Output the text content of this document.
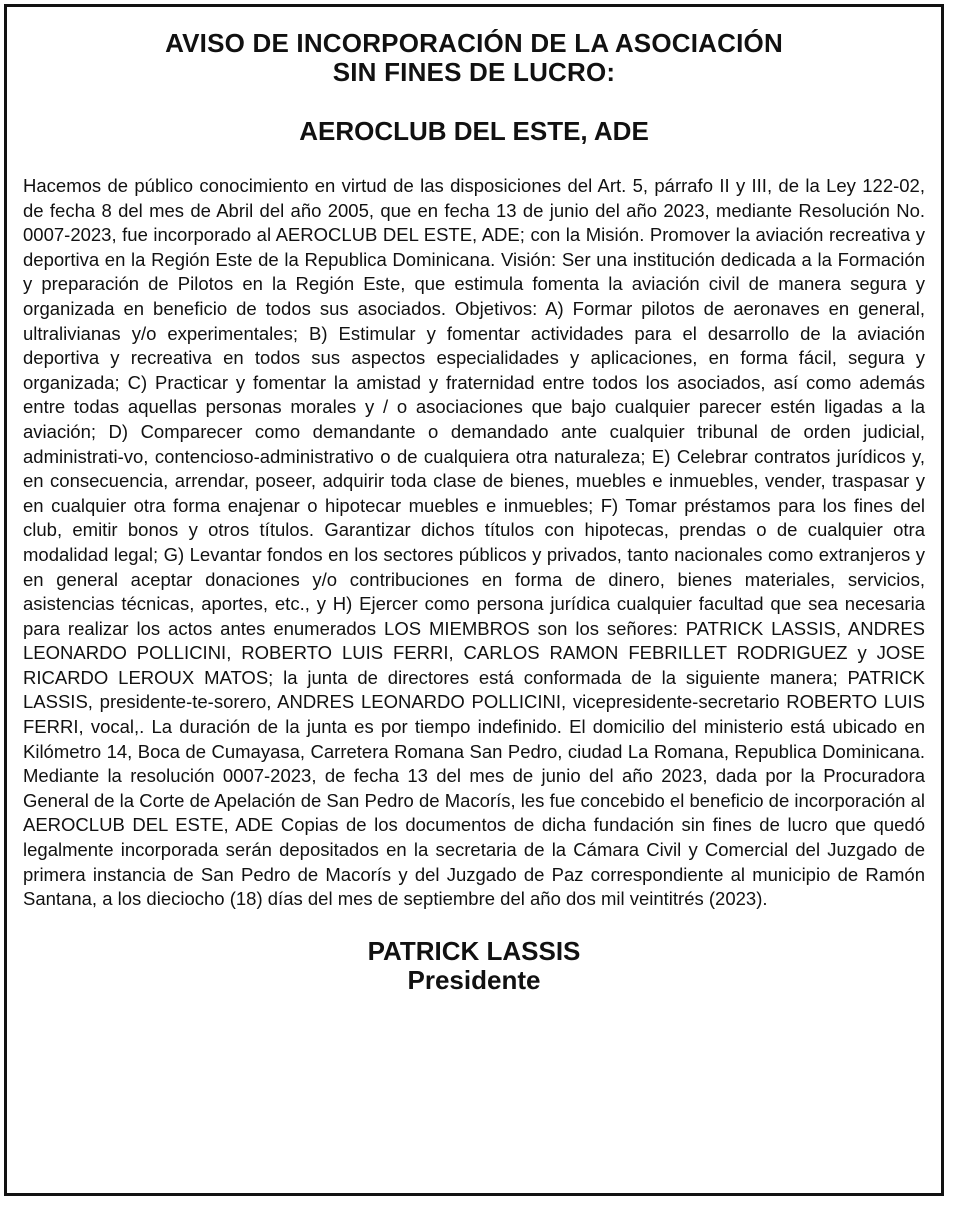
AVISO DE INCORPORACIÓN DE LA ASOCIACIÓN
SIN FINES DE LUCRO:
AEROCLUB DEL ESTE, ADE

Hacemos de público conocimiento en virtud de las disposiciones del Art. 5, párrafo II y III, de la Ley 122-02, de fecha 8 del mes de Abril del año 2005, que en fecha 13 de junio del año 2023, mediante Resolución No. 0007-2023, fue incorporado al AEROCLUB DEL ESTE, ADE; con la Misión. Promover la aviación recreativa y deportiva en la Región Este de la Republica Dominicana. Visión: Ser una institución dedicada a la Formación y preparación de Pilotos en la Región Este, que estimula fomenta la aviación civil de manera segura y organizada en beneficio de todos sus asociados. Objetivos: A) Formar pilotos de aeronaves en general, ultralivianas y/o experimentales; B) Estimular y fomentar actividades para el desarrollo de la aviación deportiva y recreativa en todos sus aspectos especialidades y aplicaciones, en forma fácil, segura y organizada; C) Practicar y fomentar la amistad y fraternidad entre todos los asociados, así como además entre todas aquellas personas morales y / o asociaciones que bajo cualquier parecer estén ligadas a la aviación; D) Comparecer como demandante o demandado ante cualquier tribunal de orden judicial, administrati-vo, contencioso-administrativo o de cualquiera otra naturaleza; E) Celebrar contratos jurídicos y, en consecuencia, arrendar, poseer, adquirir toda clase de bienes, muebles e inmuebles, vender, traspasar y en cualquier otra forma enajenar o hipotecar muebles e inmuebles; F) Tomar préstamos para los fines del club, emitir bonos y otros títulos. Garantizar dichos títulos con hipotecas, prendas o de cualquier otra modalidad legal; G) Levantar fondos en los sectores públicos y privados, tanto nacionales como extranjeros y en general aceptar donaciones y/o contribuciones en forma de dinero, bienes materiales, servicios, asistencias técnicas, aportes, etc., y H) Ejercer como persona jurídica cualquier facultad que sea necesaria para realizar los actos antes enumerados LOS MIEMBROS son los señores: PATRICK LASSIS, ANDRES LEONARDO POLLICINI, ROBERTO LUIS FERRI, CARLOS RAMON FEBRILLET RODRIGUEZ y JOSE RICARDO LEROUX MATOS; la junta de directores está conformada de la siguiente manera; PATRICK LASSIS, presidente-te-sorero, ANDRES LEONARDO POLLICINI, vicepresidente-secretario ROBERTO LUIS FERRI, vocal,. La duración de la junta es por tiempo indefinido. El domicilio del ministerio está ubicado en Kilómetro 14, Boca de Cumayasa, Carretera Romana San Pedro, ciudad La Romana, Republica Dominicana. Mediante la resolución 0007-2023, de fecha 13 del mes de junio del año 2023, dada por la Procuradora General de la Corte de Apelación de San Pedro de Macorís, les fue concebido el beneficio de incorporación al AEROCLUB DEL ESTE, ADE Copias de los documentos de dicha fundación sin fines de lucro que quedó legalmente incorporada serán depositados en la secretaria de la Cámara Civil y Comercial del Juzgado de primera instancia de San Pedro de Macorís y del Juzgado de Paz correspondiente al municipio de Ramón Santana, a los dieciocho (18) días del mes de septiembre del año dos mil veintitrés (2023).

PATRICK LASSIS
Presidente
